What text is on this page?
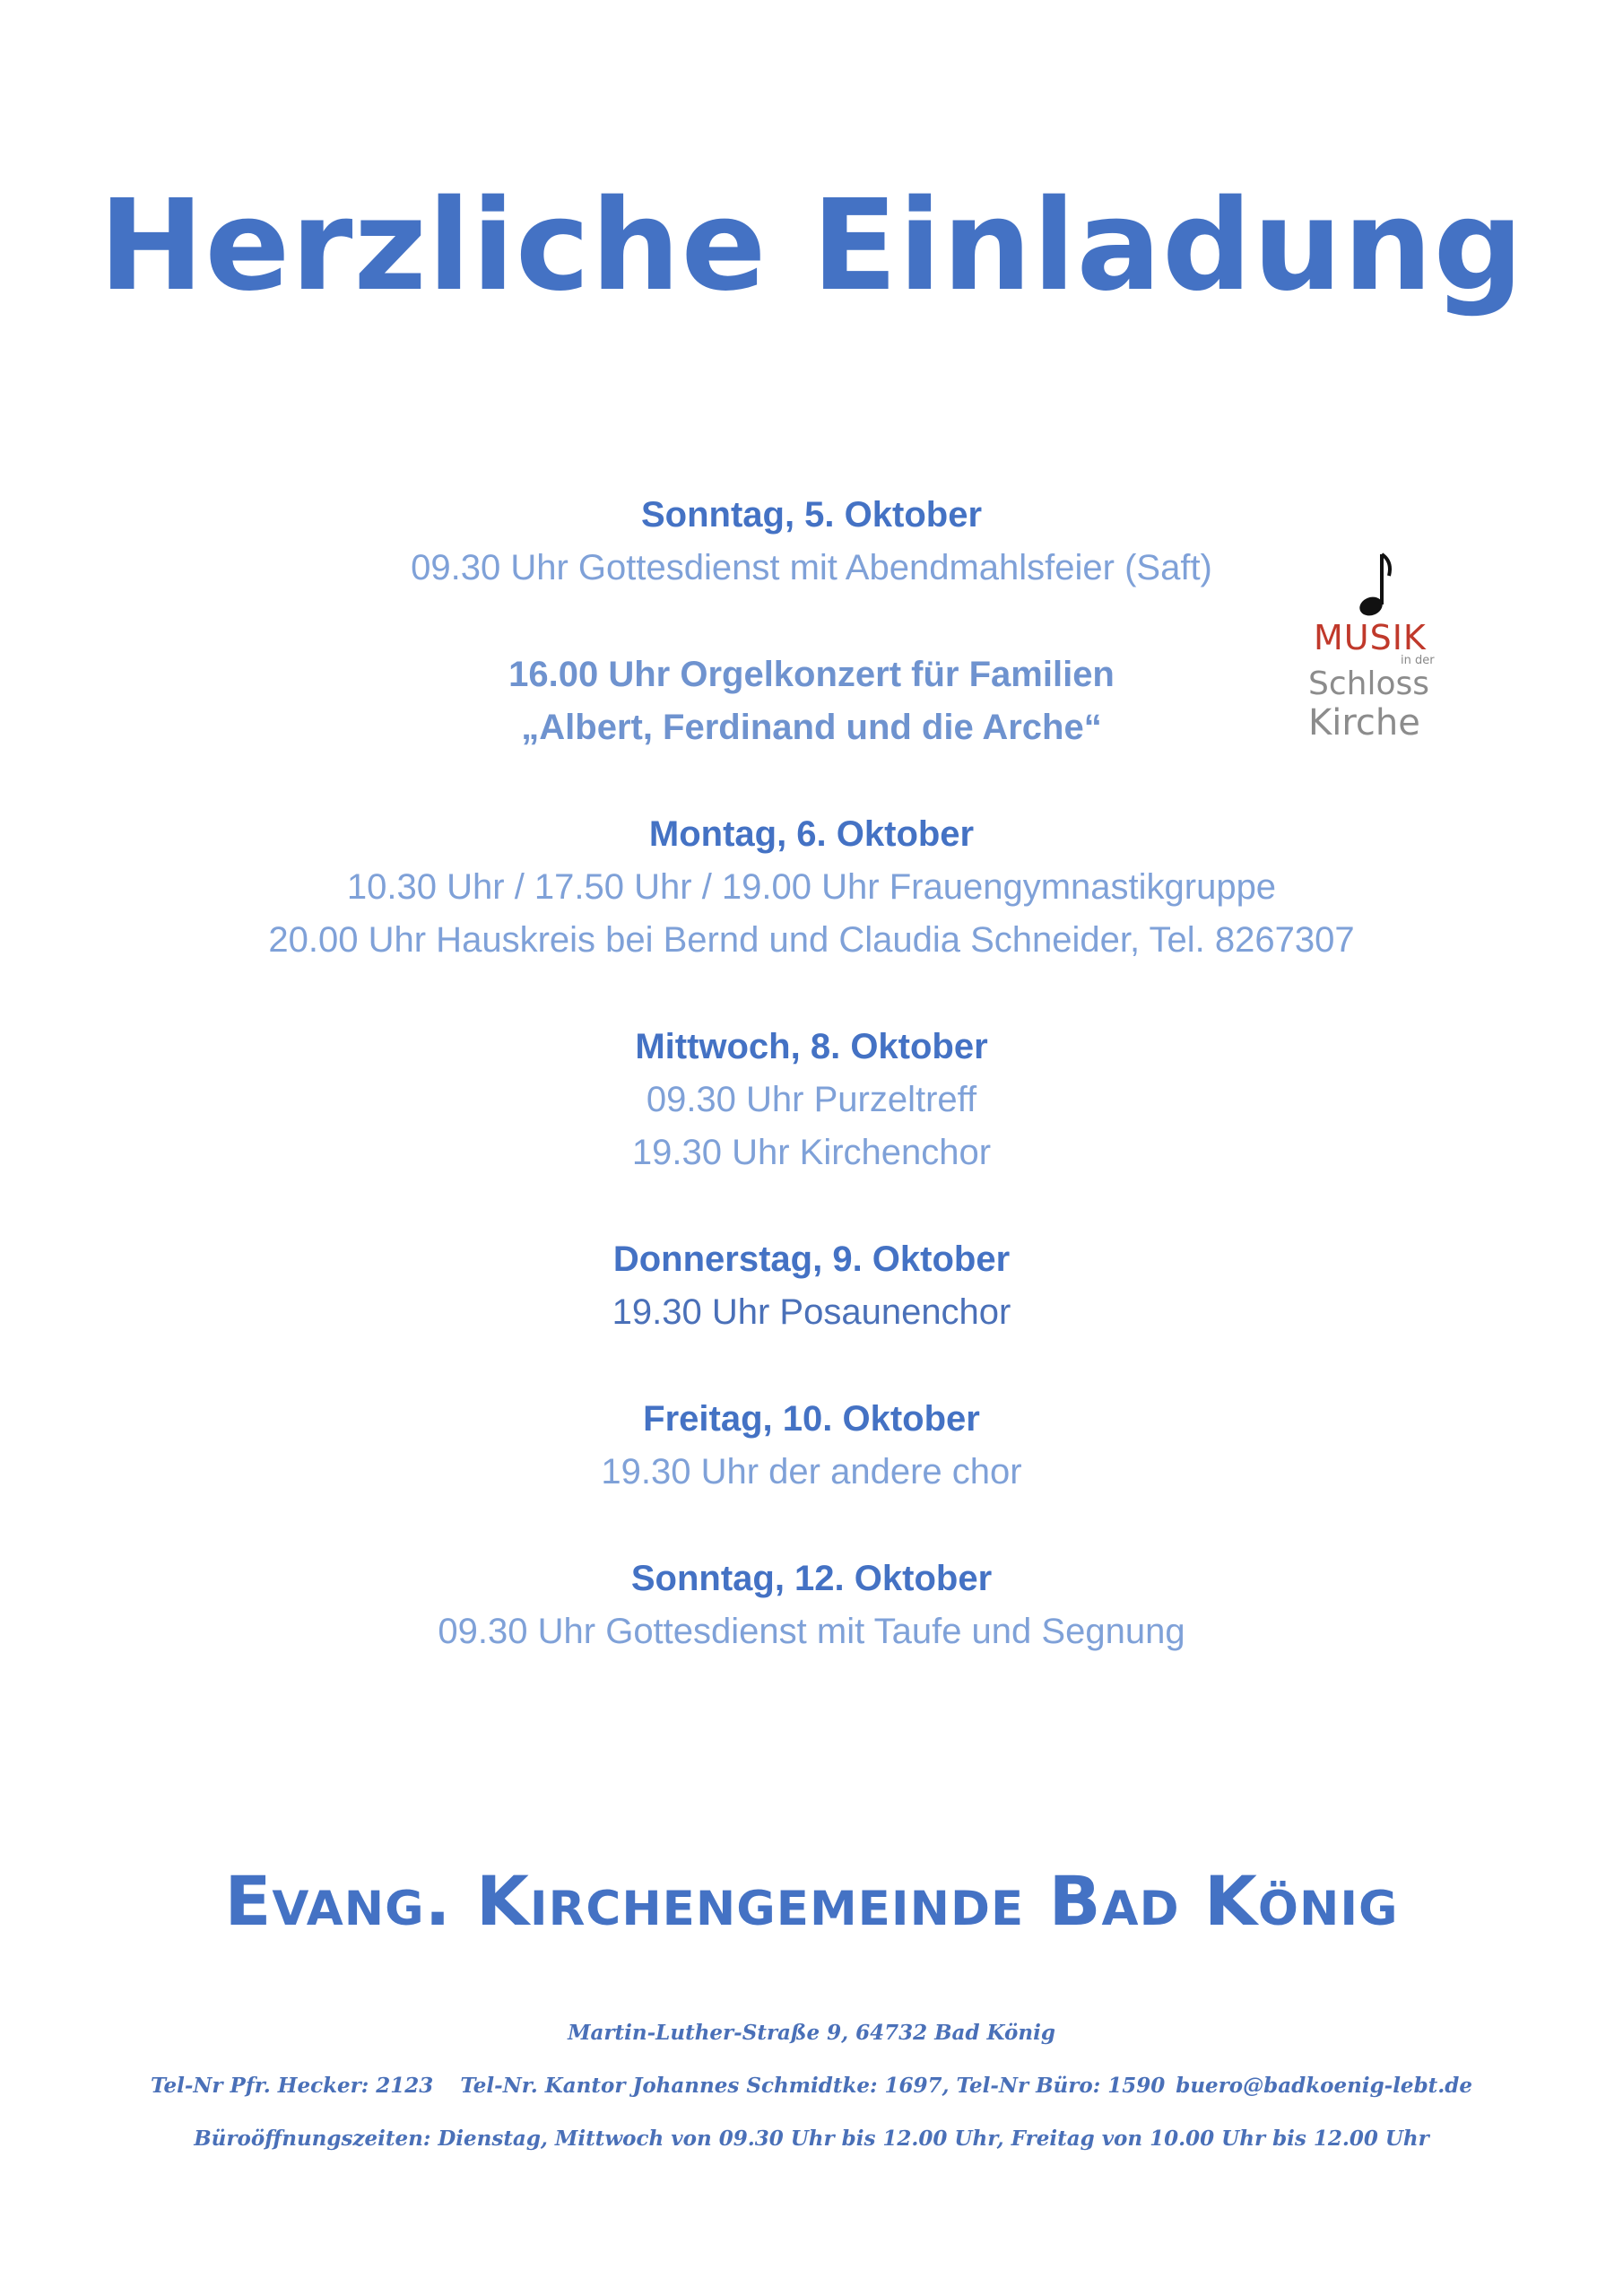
Herzliche Einladung
Sonntag, 5. Oktober
09.30 Uhr Gottesdienst mit Abendmahlsfeier (Saft)
16.00 Uhr Orgelkonzert für Familien
„Albert, Ferdinand und die Arche“
Montag, 6. Oktober
10.30 Uhr / 17.50 Uhr / 19.00 Uhr Frauengymnastikgruppe
20.00 Uhr Hauskreis bei Bernd und Claudia Schneider, Tel. 8267307
Mittwoch, 8. Oktober
09.30 Uhr Purzeltreff
19.30 Uhr Kirchenchor
Donnerstag, 9. Oktober
19.30 Uhr Posaunenchor
Freitag, 10. Oktober
19.30 Uhr der andere chor
Sonntag, 12. Oktober
09.30 Uhr Gottesdienst mit Taufe und Segnung
MUSIK
in der
Schloss
Kirche
Evang. Kirchengemeinde Bad König
Martin-Luther-Straße 9, 64732 Bad König
Tel-Nr Pfr. Hecker: 2123 Tel-Nr. Kantor Johannes Schmidtke: 1697, Tel-Nr Büro: 1590 buero@badkoenig-lebt.de
Büroöffnungszeiten: Dienstag, Mittwoch von 09.30 Uhr bis 12.00 Uhr, Freitag von 10.00 Uhr bis 12.00 Uhr
